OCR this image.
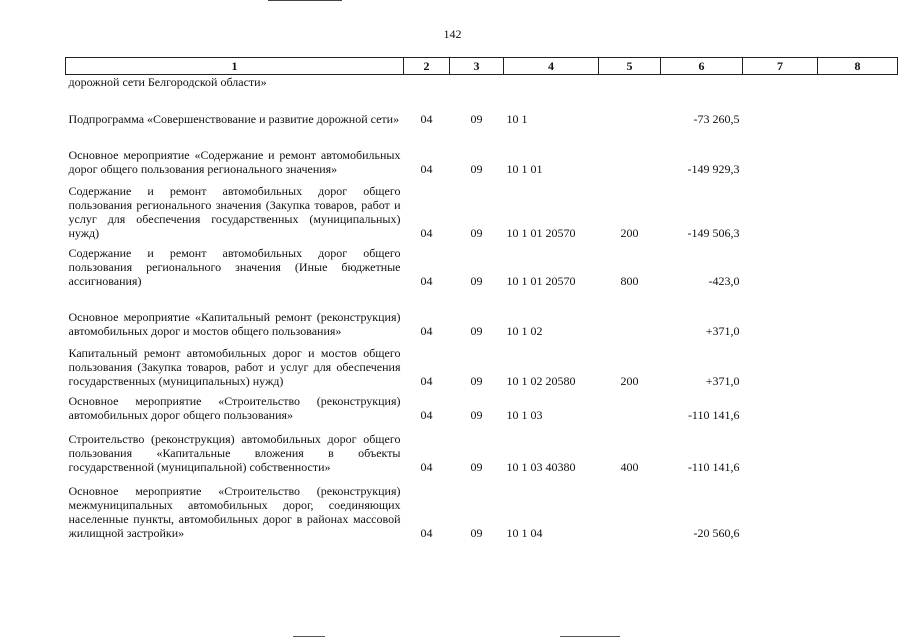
142
1	2	3	4	5	6	7	8
дорожной сети Белгородской области»							
Подпрограмма «Совершенствование и развитие дорожной сети»	04	09	10 1		-73 260,5		
Основное мероприятие «Содержание и ремонт автомобильных дорог общего пользования регионального значения»	04	09	10 1 01		-149 929,3		
Содержание и ремонт автомобильных дорог общего пользования регионального значения (Закупка товаров, работ и услуг для обеспечения государственных (муниципальных) нужд)	04	09	10 1 01 20570	200	-149 506,3		
Содержание и ремонт автомобильных дорог общего пользования регионального значения (Иные бюджетные ассигнования)	04	09	10 1 01 20570	800	-423,0		
Основное мероприятие «Капитальный ремонт (реконструкция) автомобильных дорог и мостов общего пользования»	04	09	10 1 02		+371,0		
Капитальный ремонт автомобильных дорог и мостов общего пользования (Закупка товаров, работ и услуг для обеспечения государственных (муниципальных) нужд)	04	09	10 1 02 20580	200	+371,0		
Основное мероприятие «Строительство (реконструкция) автомобильных дорог общего пользования»	04	09	10 1 03		-110 141,6		
Строительство (реконструкция) автомобильных дорог общего пользования «Капитальные вложения в объекты государственной (муниципальной) собственности»	04	09	10 1 03 40380	400	-110 141,6		
Основное мероприятие «Строительство (реконструкция) межмуниципальных автомобильных дорог, соединяющих населенные пункты, автомобильных дорог в районах массовой жилищной застройки»	04	09	10 1 04		-20 560,6		
